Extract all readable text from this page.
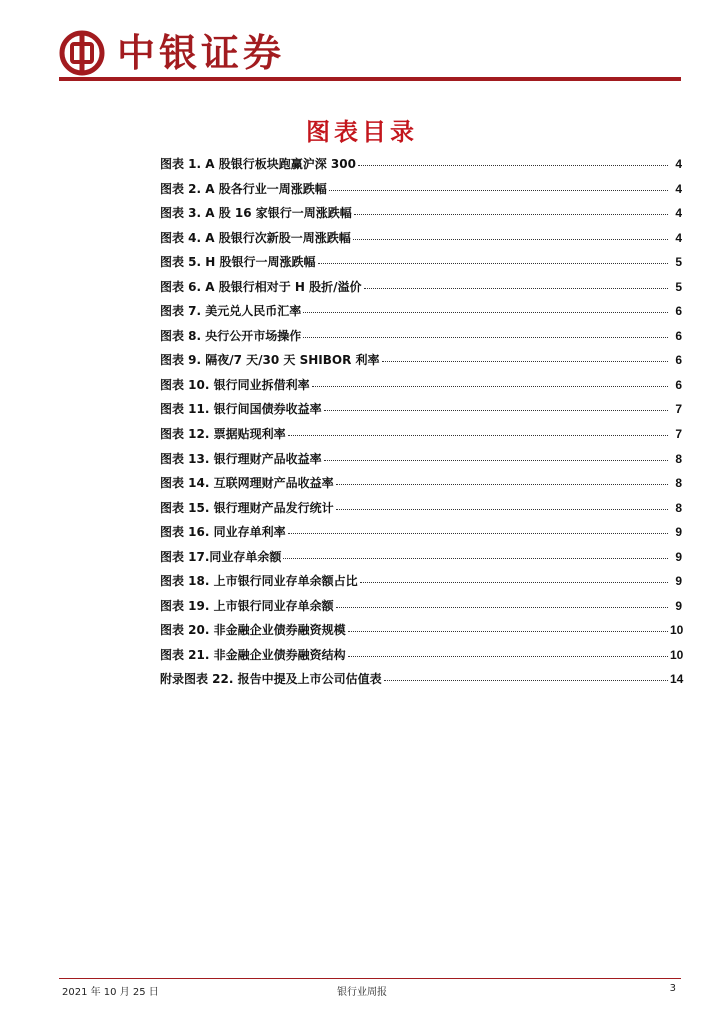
中银证券
图表目录
图表 1. A 股银行板块跑赢沪深 300	4
图表 2. A 股各行业一周涨跌幅	4
图表 3. A 股 16 家银行一周涨跌幅	4
图表 4. A 股银行次新股一周涨跌幅	4
图表 5. H 股银行一周涨跌幅	5
图表 6. A 股银行相对于 H 股折/溢价	5
图表 7. 美元兑人民币汇率	6
图表 8. 央行公开市场操作	6
图表 9. 隔夜/7 天/30 天 SHIBOR 利率	6
图表 10. 银行同业拆借利率	6
图表 11. 银行间国债券收益率	7
图表 12. 票据贴现利率	7
图表 13. 银行理财产品收益率	8
图表 14. 互联网理财产品收益率	8
图表 15. 银行理财产品发行统计	8
图表 16. 同业存单利率	9
图表 17.同业存单余额	9
图表 18. 上市银行同业存单余额占比	9
图表 19. 上市银行同业存单余额	9
图表 20. 非金融企业债券融资规模	10
图表 21. 非金融企业债券融资结构	10
附录图表 22. 报告中提及上市公司估值表	14
2021 年 10 月 25 日	银行业周报	3
